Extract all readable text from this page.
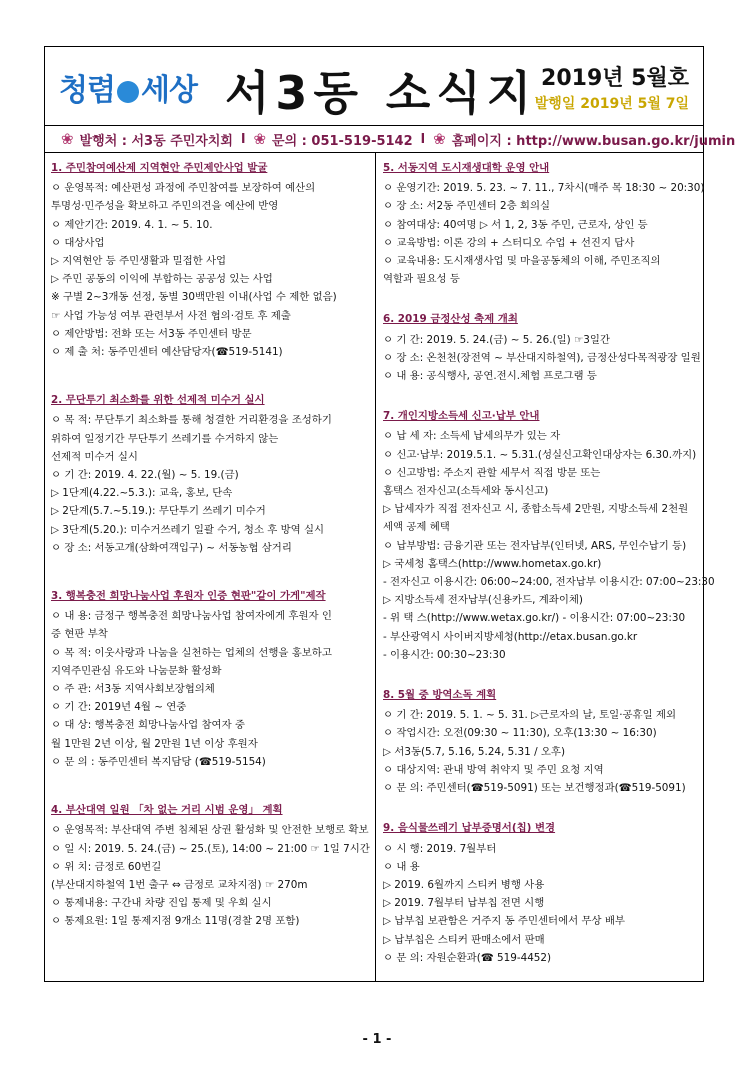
청렴 세상 서3동 소식지 2019년 5월호
발행일 2019년 5월 7일
❀ 발행처 : 서3동 주민자치회 l ❀ 문의 : 051-519-5142 l ❀ 홈페이지 : http://www.busan.go.kr/jumin
1. 주민참여예산제 지역현안 주민제안사업 발굴
ㅇ 운영목적: 예산편성 과정에 주민참여를 보장하여 예산의
투명성·민주성을 확보하고 주민의견을 예산에 반영
ㅇ 제안기간: 2019. 4. 1. ~ 5. 10.
ㅇ 대상사업
▷ 지역현안 등 주민생활과 밀접한 사업
▷ 주민 공동의 이익에 부합하는 공공성 있는 사업
※ 구별 2~3개동 선정, 동별 30백만원 이내(사업 수 제한 없음)
☞ 사업 가능성 여부 관련부서 사전 협의·검토 후 제출
ㅇ 제안방법: 전화 또는 서3동 주민센터 방문
ㅇ 제 출 처: 동주민센터 예산담당자(☎519-5141)
2. 무단투기 최소화를 위한 선제적 미수거 실시
ㅇ 목 적: 무단투기 최소화를 통해 청결한 거리환경을 조성하기
위하여 일정기간 무단투기 쓰레기를 수거하지 않는
선제적 미수거 실시
ㅇ 기 간: 2019. 4. 22.(월) ~ 5. 19.(금)
▷ 1단계(4.22.~5.3.): 교육, 홍보, 단속
▷ 2단계(5.7.~5.19.): 무단투기 쓰레기 미수거
▷ 3단계(5.20.): 미수거쓰레기 일괄 수거, 청소 후 방역 실시
ㅇ 장 소: 서동고개(삼화여객입구) ~ 서동농협 삼거리
3. 행복충전 희망나눔사업 후원자 인증 현판"같이 가게"제작
ㅇ 내 용: 금정구 행복충전 희망나눔사업 참여자에게 후원자 인
증 현판 부착
ㅇ 목 적: 이웃사랑과 나눔을 실천하는 업체의 선행을 홍보하고
지역주민관심 유도와 나눔문화 활성화
ㅇ 주 관: 서3동 지역사회보장협의체
ㅇ 기 간: 2019년 4월 ~ 연중
ㅇ 대 상: 행복충전 희망나눔사업 참여자 중
월 1만원 2년 이상, 월 2만원 1년 이상 후원자
ㅇ 문 의 : 동주민센터 복지담당 (☎519-5154)
4. 부산대역 일원 「차 없는 거리 시범 운영」 계획
ㅇ 운영목적: 부산대역 주변 침체된 상권 활성화 및 안전한 보행로 확보
ㅇ 일 시: 2019. 5. 24.(금) ~ 25.(토), 14:00 ~ 21:00 ☞ 1일 7시간
ㅇ 위 치: 금정로 60번길
(부산대지하철역 1번 출구 ⇔ 금정로 교차지점) ☞ 270m
ㅇ 통제내용: 구간내 차량 진입 통제 및 우회 실시
ㅇ 통제요원: 1일 통제지점 9개소 11명(경찰 2명 포함)
5. 서동지역 도시재생대학 운영 안내
ㅇ 운영기간: 2019. 5. 23. ~ 7. 11., 7차시(매주 목 18:30 ~ 20:30)
ㅇ 장 소: 서2동 주민센터 2층 회의실
ㅇ 참여대상: 40여명 ▷ 서 1, 2, 3동 주민, 근로자, 상인 등
ㅇ 교육방법: 이론 강의 + 스터디오 수업 + 선진지 답사
ㅇ 교육내용: 도시재생사업 및 마을공동체의 이해, 주민조직의
역할과 필요성 등
6. 2019 금정산성 축제 개최
ㅇ 기 간: 2019. 5. 24.(금) ~ 5. 26.(일) ☞3일간
ㅇ 장 소: 온천천(장전역 ~ 부산대지하철역), 금정산성다목적광장 일원
ㅇ 내 용: 공식행사, 공연.전시.체험 프로그램 등
7. 개인지방소득세 신고·납부 안내
ㅇ 납 세 자: 소득세 납세의무가 있는 자
ㅇ 신고·납부: 2019.5.1. ~ 5.31.(성실신고확인대상자는 6.30.까지)
ㅇ 신고방법: 주소지 관할 세무서 직접 방문 또는
홈택스 전자신고(소득세와 동시신고)
▷ 납세자가 직접 전자신고 시, 종합소득세 2만원, 지방소득세 2천원
세액 공제 혜택
ㅇ 납부방법: 금융기관 또는 전자납부(인터넷, ARS, 무인수납기 등)
▷ 국세청 홈택스(http://www.hometax.go.kr)
- 전자신고 이용시간: 06:00~24:00, 전자납부 이용시간: 07:00~23:30
▷ 지방소득세 전자납부(신용카드, 계좌이체)
- 위 택 스(http://www.wetax.go.kr/) - 이용시간: 07:00~23:30
- 부산광역시 사이버지방세청(http://etax.busan.go.kr
- 이용시간: 00:30~23:30
8. 5월 중 방역소독 계획
ㅇ 기 간: 2019. 5. 1. ~ 5. 31. ▷근로자의 날, 토일·공휴일 제외
ㅇ 작업시간: 오전(09:30 ~ 11:30), 오후(13:30 ~ 16:30)
▷ 서3동(5.7, 5.16, 5.24, 5.31 / 오후)
ㅇ 대상지역: 관내 방역 취약지 및 주민 요청 지역
ㅇ 문 의: 주민센터(☎519-5091) 또는 보건행정과(☎519-5091)
9. 음식물쓰레기 납부증명서(칩) 변경
ㅇ 시 행: 2019. 7월부터
ㅇ 내 용
▷ 2019. 6월까지 스티커 병행 사용
▷ 2019. 7월부터 납부칩 전면 시행
▷ 납부칩 보관함은 거주지 동 주민센터에서 무상 배부
▷ 납부칩은 스티커 판매소에서 판매
ㅇ 문 의: 자원순환과(☎ 519-4452)
- 1 -
